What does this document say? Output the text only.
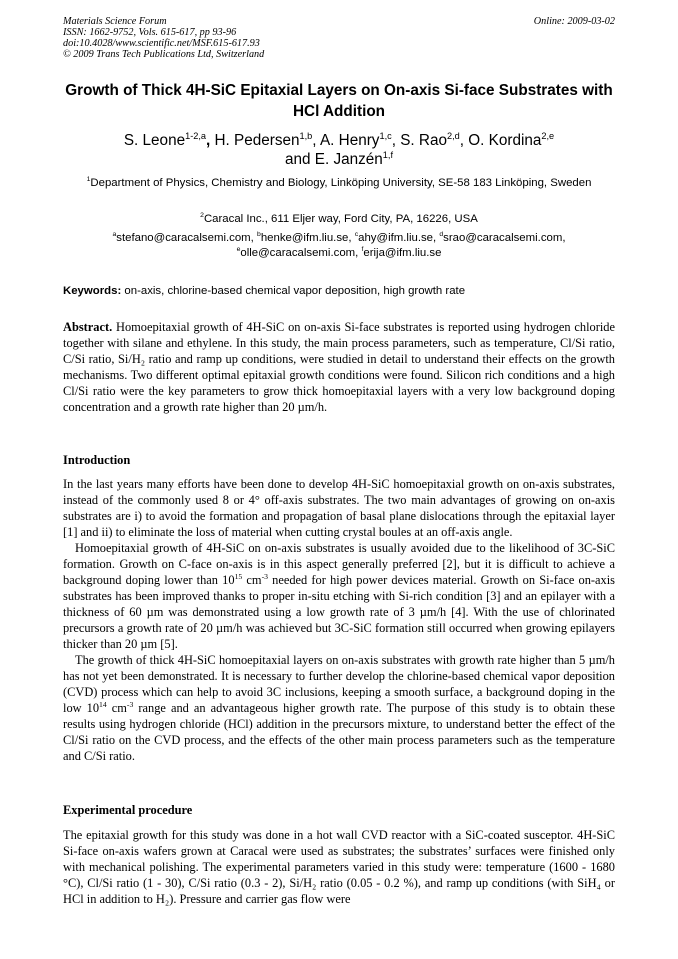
Materials Science Forum
ISSN: 1662-9752, Vols. 615-617, pp 93-96
doi:10.4028/www.scientific.net/MSF.615-617.93
© 2009 Trans Tech Publications Ltd, Switzerland
Online: 2009-03-02
Growth of Thick 4H-SiC Epitaxial Layers on On-axis Si-face Substrates with HCl Addition
S. Leone$^{1-2,a}$, H. Pedersen$^{1,b}$, A. Henry$^{1,c}$, S. Rao$^{2,d}$, O. Kordina$^{2,e}$
and E. Janzén$^{1,f}$
$^1$Department of Physics, Chemistry and Biology, Linköping University, SE-58 183 Linköping, Sweden
$^2$Caracal Inc., 611 Eljer way, Ford City, PA, 16226, USA
$^a$stefano@caracalsemi.com, $^b$henke@ifm.liu.se, $^c$ahy@ifm.liu.se, $^d$srao@caracalsemi.com,
$^e$olle@caracalsemi.com, $^f$erija@ifm.liu.se
Keywords: on-axis, chlorine-based chemical vapor deposition, high growth rate

Abstract. Homoepitaxial growth of 4H-SiC on on-axis Si-face substrates is reported using hydrogen chloride together with silane and ethylene. In this study, the main process parameters, such as temperature, Cl/Si ratio, C/Si ratio, Si/H₂ ratio and ramp up conditions, were studied in detail to understand their effects on the growth mechanisms. Two different optimal epitaxial growth conditions were found. Silicon rich conditions and a high Cl/Si ratio were the key parameters to grow thick homoepitaxial layers with a very low background doping concentration and a growth rate higher than 20 µm/h.

Introduction

In the last years many efforts have been done to develop 4H-SiC homoepitaxial growth on on-axis substrates, instead of the commonly used 8 or 4° off-axis substrates. The two main advantages of growing on on-axis substrates are i) to avoid the formation and propagation of basal plane dislocations through the epitaxial layer [1] and ii) to eliminate the loss of material when cutting crystal boules at an off-axis angle.

Homoepitaxial growth of 4H-SiC on on-axis substrates is usually avoided due to the likelihood of 3C-SiC formation. Growth on C-face on-axis is in this aspect generally preferred [2], but it is difficult to achieve a background doping lower than $10^{15}$ $cm^{-3}$ needed for high power devices material. Growth on Si-face on-axis substrates has been improved thanks to proper in-situ etching with Si-rich condition [3] and an epilayer with a thickness of 60 µm was demonstrated using a low growth rate of 3 µm/h [4]. With the use of chlorinated precursors a growth rate of 20 µm/h was achieved but 3C-SiC formation still occurred when growing epilayers thicker than 20 µm [5].

The growth of thick 4H-SiC homoepitaxial layers on on-axis substrates with growth rate higher than 5 µm/h has not yet been demonstrated. It is necessary to further develop the chlorine-based chemical vapor deposition (CVD) process which can help to avoid 3C inclusions, keeping a smooth surface, a background doping in the low $10^{14}$ $cm^{-3}$ range and an advantageous higher growth rate. The purpose of this study is to obtain these results using hydrogen chloride (HCl) addition in the precursors mixture, to understand better the effect of the Cl/Si ratio on the CVD process, and the effects of the other main process parameters such as the temperature and C/Si ratio.

Experimental procedure

The epitaxial growth for this study was done in a hot wall CVD reactor with a SiC-coated susceptor. 4H-SiC Si-face on-axis wafers grown at Caracal were used as substrates; the substrates’ surfaces were finished only with mechanical polishing. The experimental parameters varied in this study were: temperature (1600 - 1680 °C), Cl/Si ratio (1 - 30), C/Si ratio (0.3 - 2), Si/H₂ ratio (0.05 - 0.2 %), and ramp up conditions (with SiH₄ or HCl in addition to H₂). Pressure and carrier gas flow were
